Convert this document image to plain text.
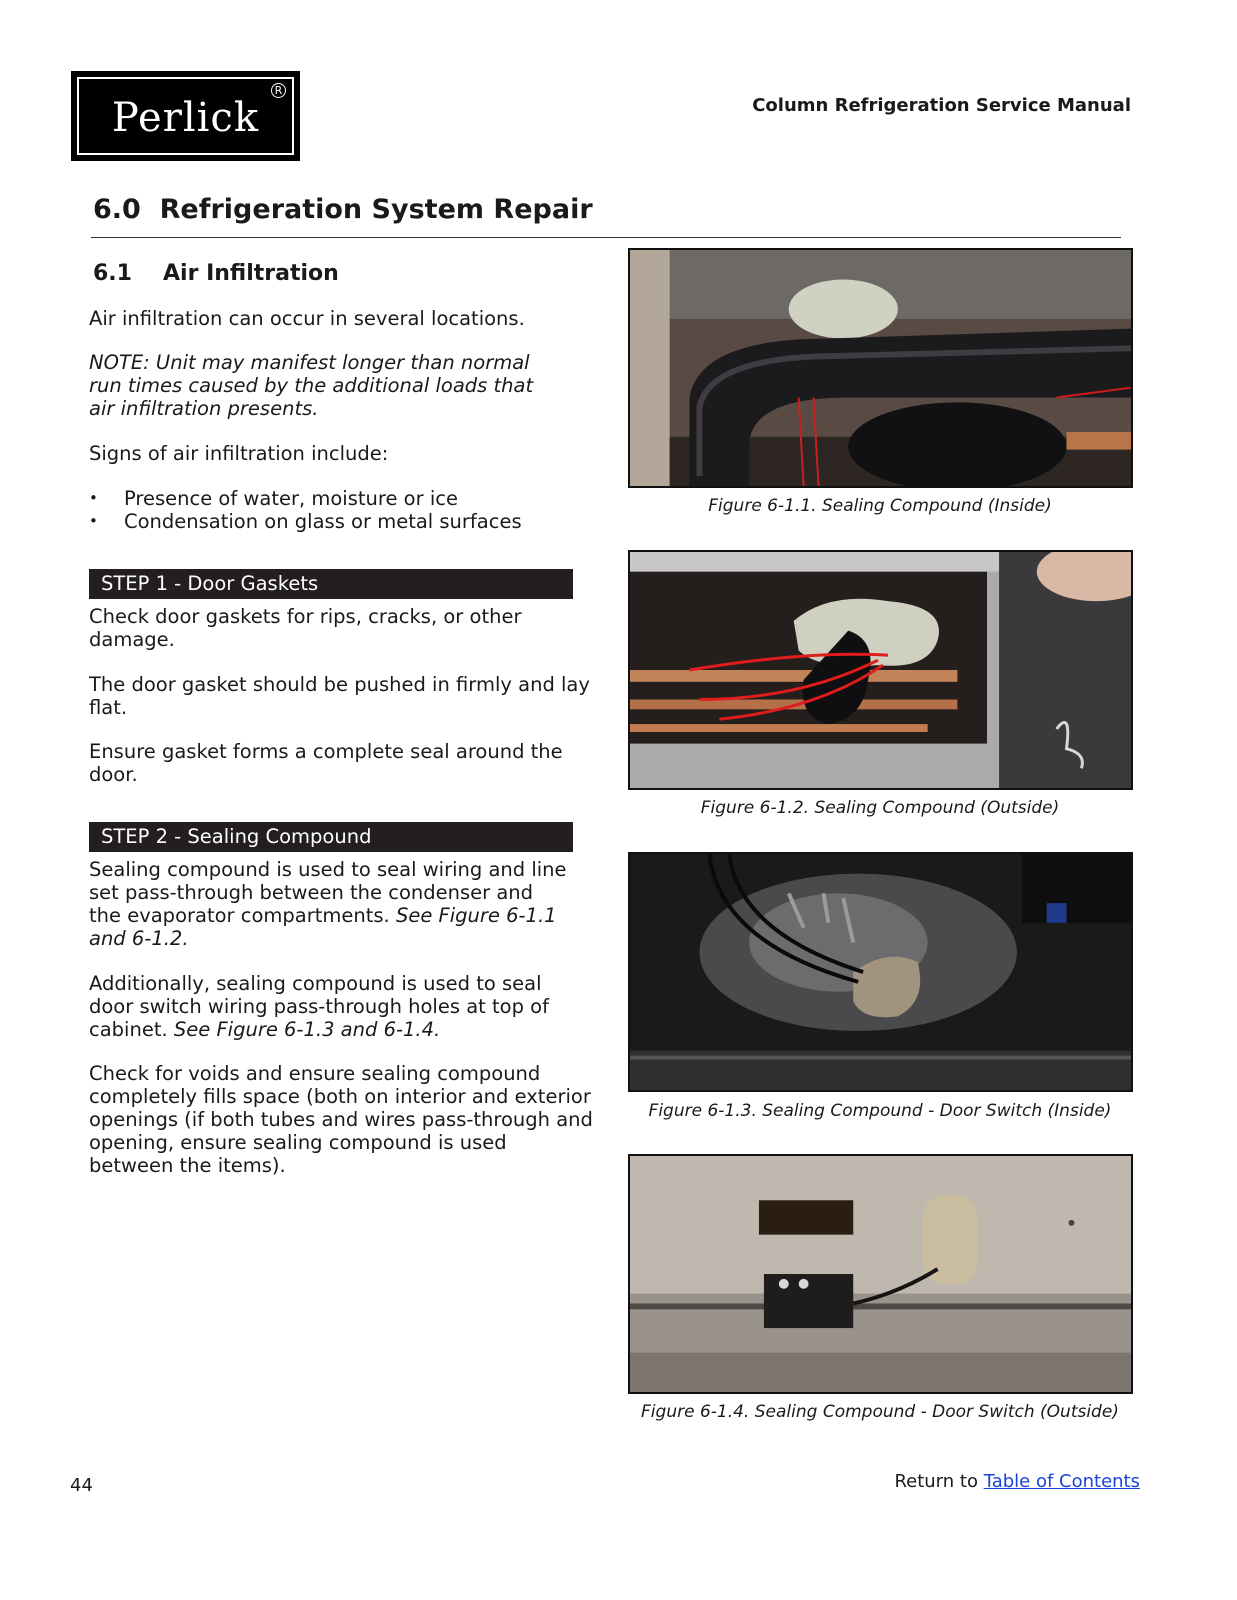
Perlick
R
Column Refrigeration Service Manual
6.0  Refrigeration System Repair
6.1 Air Infiltration
Air infiltration can occur in several locations.
NOTE: Unit may manifest longer than normal run times caused by the additional loads that air infiltration presents.
Signs of air infiltration include:
• Presence of water, moisture or ice
• Condensation on glass or metal surfaces
STEP 1 - Door Gaskets
Check door gaskets for rips, cracks, or other damage.
The door gasket should be pushed in firmly and lay flat.
Ensure gasket forms a complete seal around the door.
STEP 2 - Sealing Compound
Sealing compound is used to seal wiring and line set pass-through between the condenser and the evaporator compartments. See Figure 6-1.1 and 6-1.2.
Additionally, sealing compound is used to seal door switch wiring pass-through holes at top of cabinet. See Figure 6-1.3 and 6-1.4.
Check for voids and ensure sealing compound completely fills space (both on interior and exterior openings (if both tubes and wires pass-through and opening, ensure sealing compound is used between the items).
Figure 6-1.1. Sealing Compound (Inside)
Figure 6-1.2. Sealing Compound (Outside)
Figure 6-1.3. Sealing Compound - Door Switch (Inside)
Figure 6-1.4. Sealing Compound - Door Switch (Outside)
44	Return to Table of Contents
